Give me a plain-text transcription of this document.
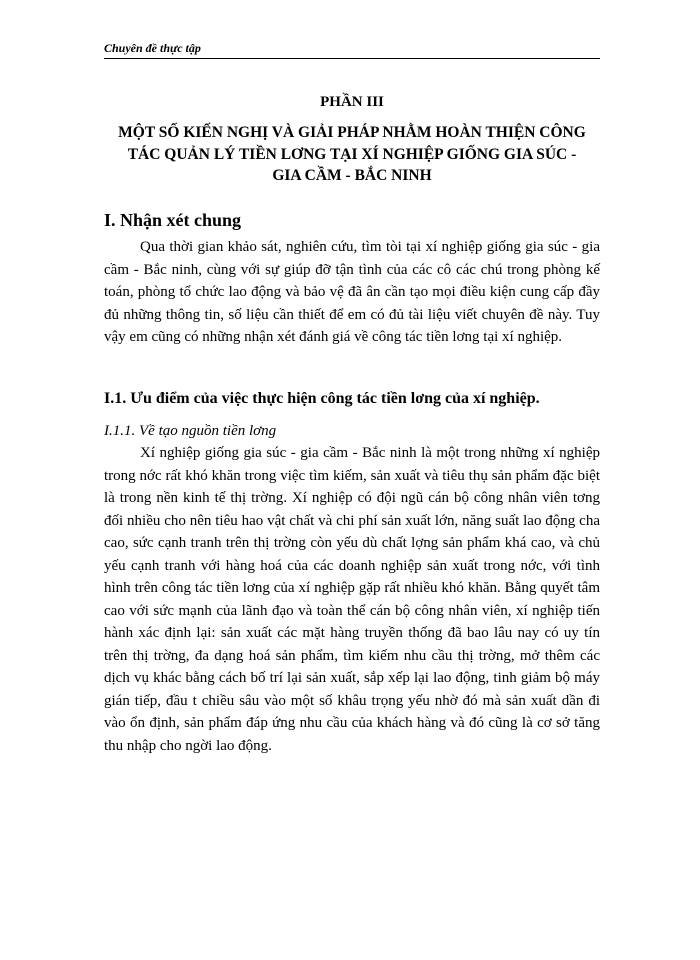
Chuyên đề thực tập
PHẦN III
MỘT SỐ KIẾN NGHỊ VÀ GIẢI PHÁP NHẰM HOÀN THIỆN CÔNG
TÁC QUẢN LÝ TIỀN LƠNG TẠI XÍ NGHIỆP GIỐNG GIA SÚC -
GIA CẦM - BẮC NINH
I. Nhận xét chung

Qua thời gian khảo sát, nghiên cứu, tìm tòi tại xí nghiệp giống gia súc - gia cầm - Bắc ninh, cùng với sự giúp đỡ tận tình của các cô các chú trong phòng kế toán, phòng tổ chức lao động và bảo vệ đã ân cần tạo mọi điều kiện cung cấp đầy đủ những thông tin, số liệu cần thiết để em có đủ tài liệu viết chuyên đề này. Tuy vậy em cũng có những nhận xét đánh giá về công tác tiền lơng tại xí nghiệp.

I.1. Ưu điểm của việc thực hiện công tác tiền lơng của xí nghiệp.
I.1.1. Về tạo nguồn tiền lơng

Xí nghiệp giống gia súc - gia cầm - Bắc ninh là một trong những xí nghiệp trong nớc rất khó khăn trong việc tìm kiếm, sản xuất và tiêu thụ sản phẩm đặc biệt là trong nền kinh tế thị trờng. Xí nghiệp có đội ngũ cán bộ công nhân viên tơng đối nhiều cho nên tiêu hao vật chất và chi phí sản xuất lớn, năng suất lao động cha cao, sức cạnh tranh trên thị trờng còn yếu dù chất lợng sản phẩm khá cao, và chủ yếu cạnh tranh với hàng hoá của các doanh nghiệp sản xuất trong nớc, với tình hình trên công tác tiền lơng của xí nghiệp gặp rất nhiều khó khăn. Bằng quyết tâm cao với sức mạnh của lãnh đạo và toàn thể cán bộ công nhân viên, xí nghiệp tiến hành xác định lại: sản xuất các mặt hàng truyền thống đã bao lâu nay có uy tín trên thị trờng, đa dạng hoá sản phẩm, tìm kiếm nhu cầu thị trờng, mở thêm các dịch vụ khác bằng cách bố trí lại sản xuất, sắp xếp lại lao động, tinh giảm bộ máy gián tiếp, đầu t chiều sâu vào một số khâu trọng yếu nhờ đó mà sản xuất dần đi vào ổn định, sản phẩm đáp ứng nhu cầu của khách hàng và đó cũng là cơ sở tăng thu nhập cho ngời lao động.
